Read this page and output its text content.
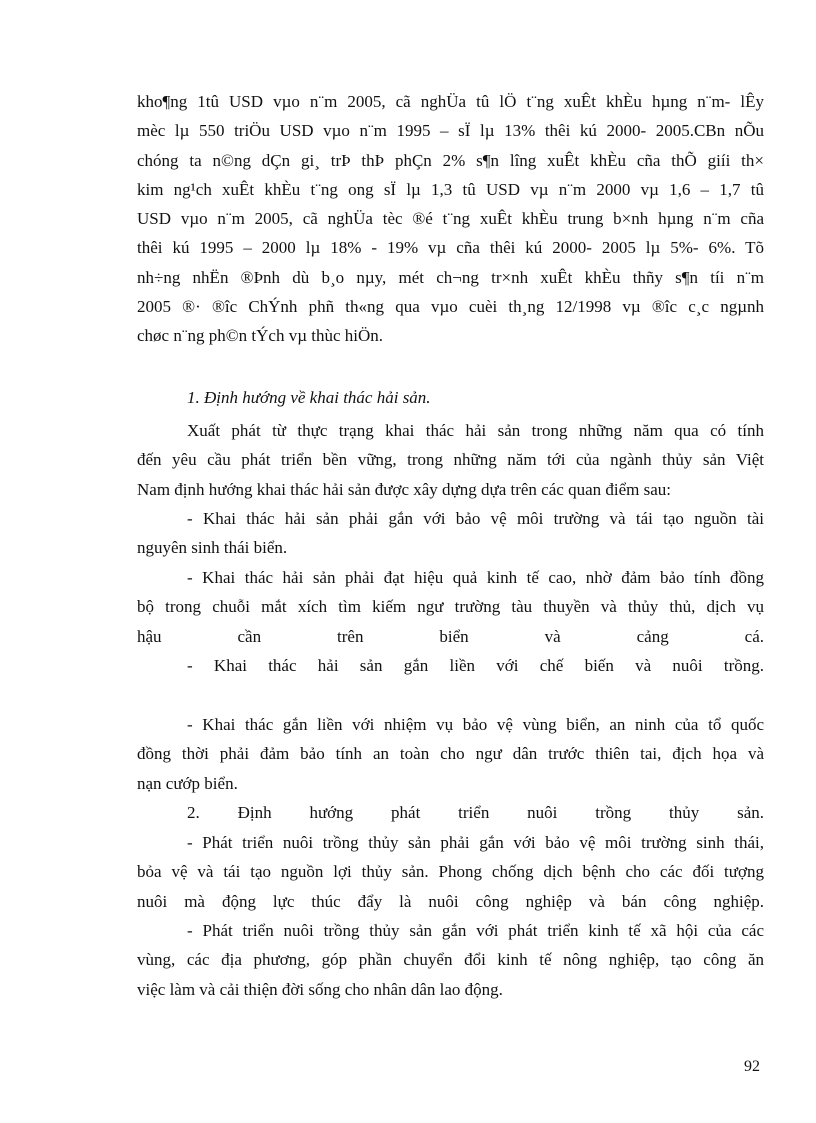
kho¶ng 1tû USD vµo n¨m 2005, cã nghÜa tû lÖ t¨ng xuÊt khÈu hµng n¨m- lÊy
mèc lµ 550 triÖu USD vµo n¨m 1995 – sÏ lµ 13% thêi kú 2000- 2005.CBn nÕu
chóng ta n©ng dÇn gi¸ trÞ thÞ phÇn 2% s¶n lîng xuÊt khÈu cña thÕ giíi th×
kim ng¹ch xuÊt khÈu t¨ng ong sÏ lµ 1,3 tû USD vµ n¨m 2000 vµ 1,6 – 1,7 tû
USD vµo n¨m 2005, cã nghÜa tèc ®é t¨ng xuÊt khÈu trung b×nh hµng n¨m cña
thêi kú 1995 – 2000 lµ 18% - 19% vµ cña thêi kú 2000- 2005 lµ 5%- 6%. Tõ
nh÷ng nhËn ®Þnh dù b¸o nµy, mét ch¬ng tr×nh xuÊt khÈu thñy s¶n tíi n¨m
2005 ®· ®îc ChÝnh phñ th«ng qua vµo cuèi th¸ng 12/1998 vµ ®îc c¸c ngµnh
chøc n¨ng ph©n tÝch vµ thùc hiÖn.

1. Định hướng về khai thác hải sản.

Xuất phát từ thực trạng khai thác hải sản trong những năm qua có tính
đến yêu cầu phát triển bền vững, trong những năm tới của ngành thủy sản Việt
Nam định hướng khai thác hải sản được xây dựng dựa trên các quan điểm sau:
- Khai thác hải sản phải gắn với bảo vệ môi trường và tái tạo nguồn tài
nguyên sinh thái biển.
- Khai thác hải sản phải đạt hiệu quả kinh tế cao, nhờ đảm bảo tính đồng
bộ trong chuỗi mắt xích tìm kiếm ngư trường tàu thuyền và thủy thủ, dịch vụ
hậu cần trên biển và cảng cá.
- Khai thác hải sản gắn liền với chế biến và nuôi trồng.
- Khai thác gắn liền với nhiệm vụ bảo vệ vùng biển, an ninh của tổ quốc
đồng thời phải đảm bảo tính an toàn cho ngư dân trước thiên tai, địch họa và
nạn cướp biển.
2. Định hướng phát triển nuôi trồng thủy sản.
- Phát triển nuôi trồng thủy sản phải gắn với bảo vệ môi trường sinh thái,
bỏa vệ và tái tạo nguồn lợi thủy sản. Phong chống dịch bệnh cho các đối tượng
nuôi mà động lực thúc đẩy là nuôi công nghiệp và bán công nghiệp.
- Phát triển nuôi trồng thủy sản gắn với phát triển kinh tế xã hội của các
vùng, các địa phương, góp phần chuyển đổi kinh tế nông nghiệp, tạo công ăn
việc làm và cải thiện đời sống cho nhân dân lao động.

92
